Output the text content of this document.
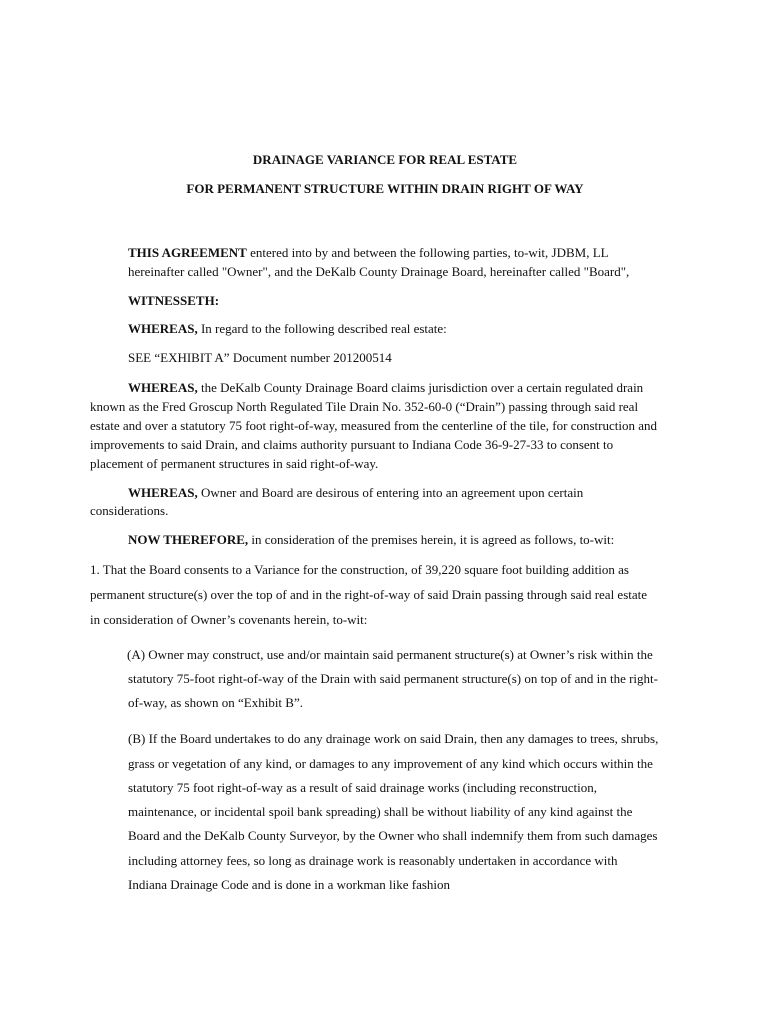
DRAINAGE VARIANCE FOR REAL ESTATE
FOR PERMANENT STRUCTURE WITHIN DRAIN RIGHT OF WAY
THIS AGREEMENT entered into by and between the following parties, to-wit, JDBM, LL
hereinafter called "Owner", and the DeKalb County Drainage Board, hereinafter called "Board",
WITNESSETH:
WHEREAS, In regard to the following described real estate:
SEE “EXHIBIT A” Document number 201200514
WHEREAS, the DeKalb County Drainage Board claims jurisdiction over a certain regulated drain
known as the Fred Groscup North Regulated Tile Drain No. 352-60-0 (“Drain”) passing through said real
estate and over a statutory 75 foot right-of-way, measured from the centerline of the tile, for construction and
improvements to said Drain, and claims authority pursuant to Indiana Code 36-9-27-33 to consent to
placement of permanent structures in said right-of-way.
WHEREAS, Owner and Board are desirous of entering into an agreement upon certain
considerations.
NOW THEREFORE, in consideration of the premises herein, it is agreed as follows, to-wit:
1. That the Board consents to a Variance for the construction, of 39,220 square foot building addition as
permanent structure(s) over the top of and in the right-of-way of said Drain passing through said real estate
in consideration of Owner’s covenants herein, to-wit:
(A) Owner may construct, use and/or maintain said permanent structure(s) at Owner’s risk within the
statutory 75-foot right-of-way of the Drain with said permanent structure(s) on top of and in the right-
of-way, as shown on “Exhibit B”.
(B) If the Board undertakes to do any drainage work on said Drain, then any damages to trees, shrubs,
grass or vegetation of any kind, or damages to any improvement of any kind which occurs within the
statutory 75 foot right-of-way as a result of said drainage works (including reconstruction,
maintenance, or incidental spoil bank spreading) shall be without liability of any kind against the
Board and the DeKalb County Surveyor, by the Owner who shall indemnify them from such damages
including attorney fees, so long as drainage work is reasonably undertaken in accordance with
Indiana Drainage Code and is done in a workman like fashion
